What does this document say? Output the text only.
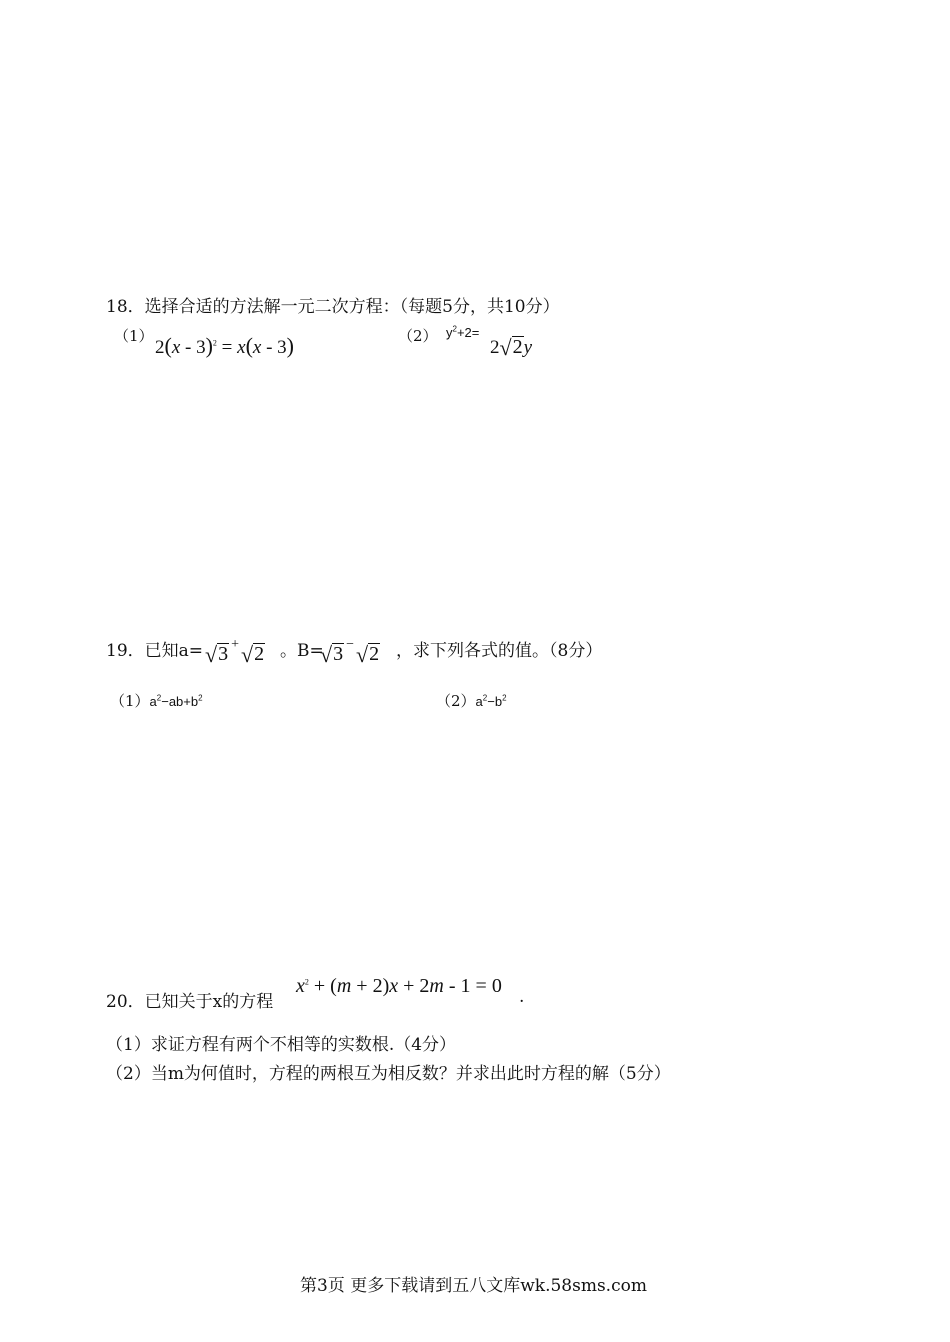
18．选择合适的方法解一元二次方程：（每题5分，共10分）
（1）
2(x - 3)$^2$ = x(x - 3)	（2） $y^2+2=$
2√2y
19．已知a= √3 +√2 。B=
√3 −√2 ，求下列各式的值。（8分）
$(1)a^2-ab+b^2$	$(2)a^2-b^2$
20．已知关于x的方程
$x^2 + (m + 2)x + 2m - 1 = 0$ .
（1）求证方程有两个不相等的实数根.（4分）
（2）当m为何值时，方程的两根互为相反数？并求出此时方程的解（5分）
第3页 更多下载请到五八文库wk.58sms.com
